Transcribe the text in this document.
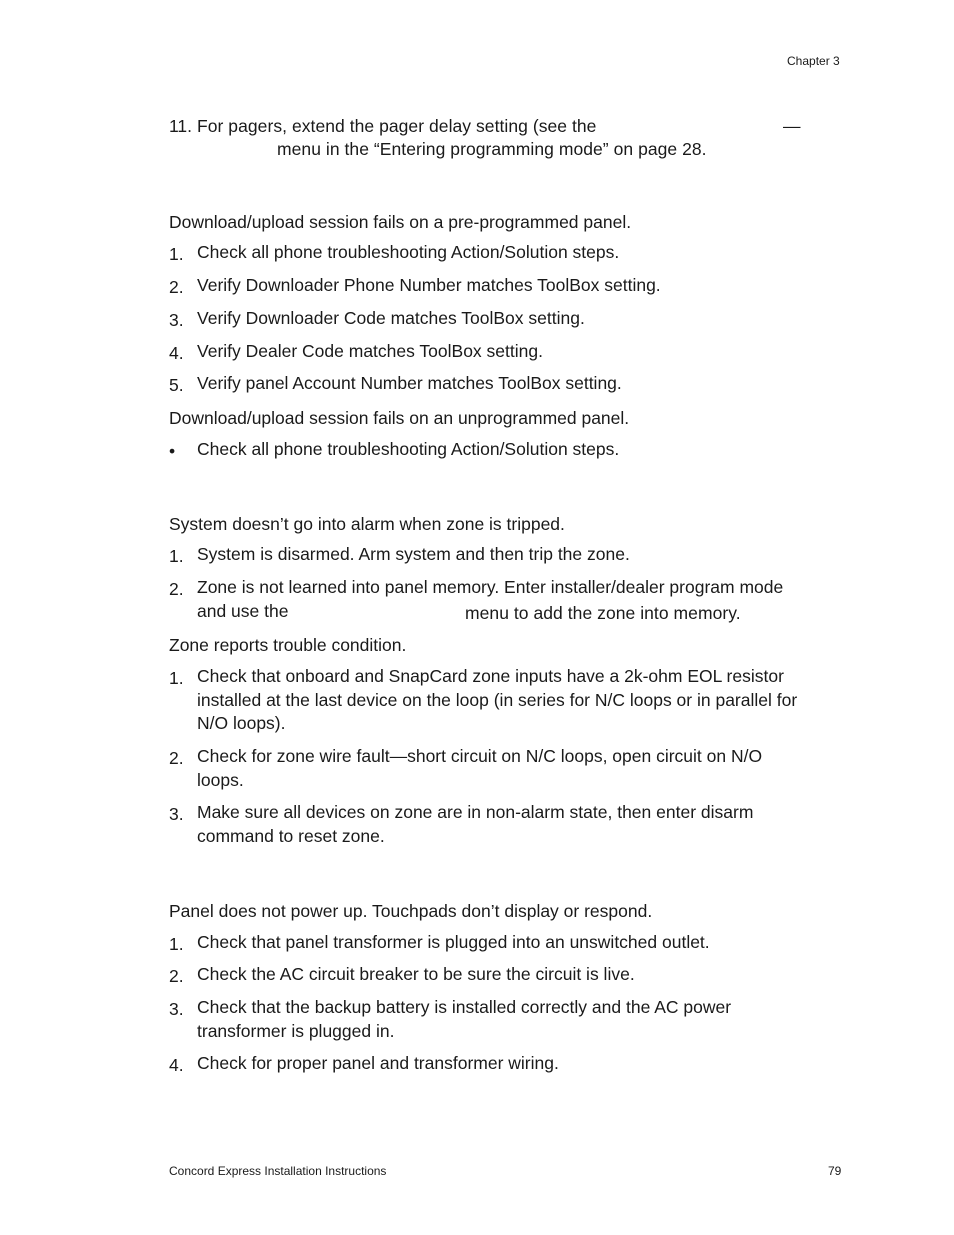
Chapter 3
11. For pagers, extend the pager delay setting (see the	—
menu in the “Entering programming mode” on page 28.
Download/upload session fails on a pre-programmed panel.
1. Check all phone troubleshooting Action/Solution steps.
2. Verify Downloader Phone Number matches ToolBox setting.
3. Verify Downloader Code matches ToolBox setting.
4. Verify Dealer Code matches ToolBox setting.
5. Verify panel Account Number matches ToolBox setting.
Download/upload session fails on an unprogrammed panel.
•	Check all phone troubleshooting Action/Solution steps.
System doesn’t go into alarm when zone is tripped.
1. System is disarmed. Arm system and then trip the zone.
2. Zone is not learned into panel memory. Enter installer/dealer program mode
and use the	menu to add the zone into memory.
Zone reports trouble condition.
1. Check that onboard and SnapCard zone inputs have a 2k-ohm EOL resistor
installed at the last device on the loop (in series for N/C loops or in parallel for
N/O loops).
2. Check for zone wire fault—short circuit on N/C loops, open circuit on N/O
loops.
3. Make sure all devices on zone are in non-alarm state, then enter disarm
command to reset zone.
Panel does not power up. Touchpads don’t display or respond.
1. Check that panel transformer is plugged into an unswitched outlet.
2. Check the AC circuit breaker to be sure the circuit is live.
3. Check that the backup battery is installed correctly and the AC power
transformer is plugged in.
4. Check for proper panel and transformer wiring.
Concord Express Installation Instructions	79
